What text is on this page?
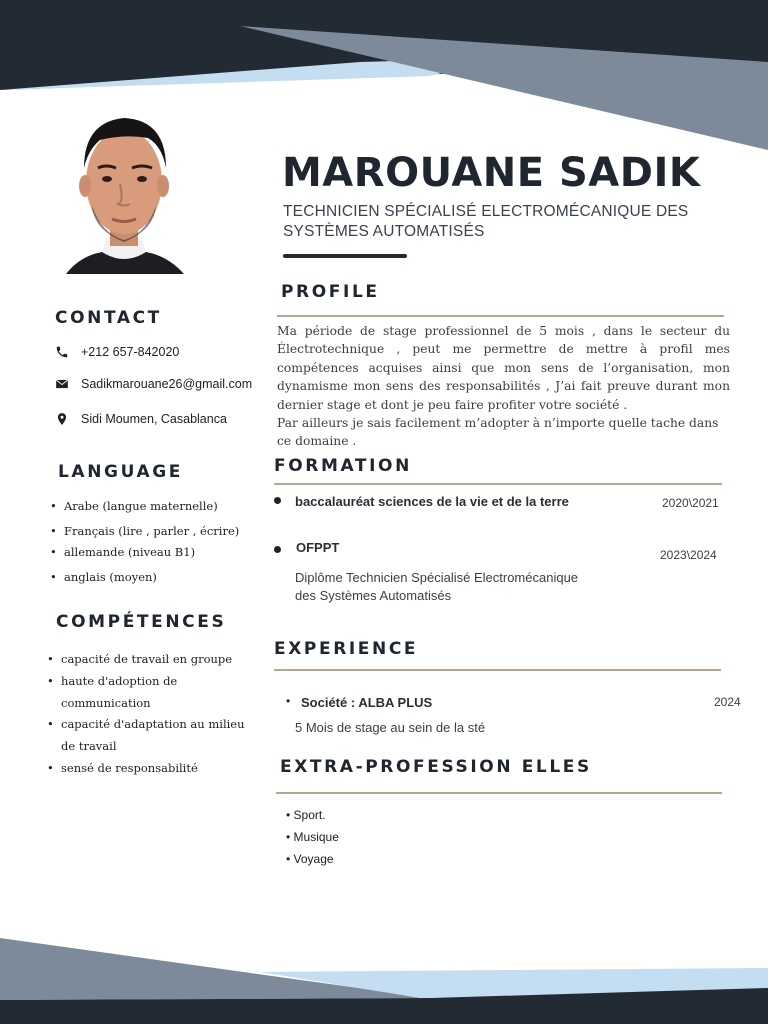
MAROUANE SADIK
TECHNICIEN SPÉCIALISÉ ELECTROMÉCANIQUE DES SYSTÈMES AUTOMATISÉS
CONTACT
+212 657-842020
Sadikmarouane26@gmail.com
Sidi Moumen, Casablanca
LANGUAGE
• Arabe (langue maternelle)
• Français (lire , parler , écrire)
• allemande (niveau B1)
• anglais (moyen)
COMPÉTENCES
• capacité de travail en groupe
• haute d'adoption de communication
• capacité d'adaptation au milieu de travail
• sensé de responsabilité
PROFILE

Ma période de stage professionnel de 5 mois , dans le secteur du Électrotechnique , peut me permettre de mettre à profil mes compétences acquises ainsi que mon sens de l’organisation, mon dynamisme mon sens des responsabilités , J’ai fait preuve durant mon dernier stage et dont je peu faire profiter votre société .

Par ailleurs je sais facilement m’adopter à n’importe quelle tache dans ce domaine .

FORMATION
baccalauréat sciences de la vie et de la terre	2020\2021
OFPPT	2023\2024
Diplôme Technicien Spécialisé Electromécanique des Systèmes Automatisés
EXPERIENCE
• Société : ALBA PLUS	2024
5 Mois de stage au sein de la sté
EXTRA-PROFESSION ELLES
• Sport.
• Musique
• Voyage
